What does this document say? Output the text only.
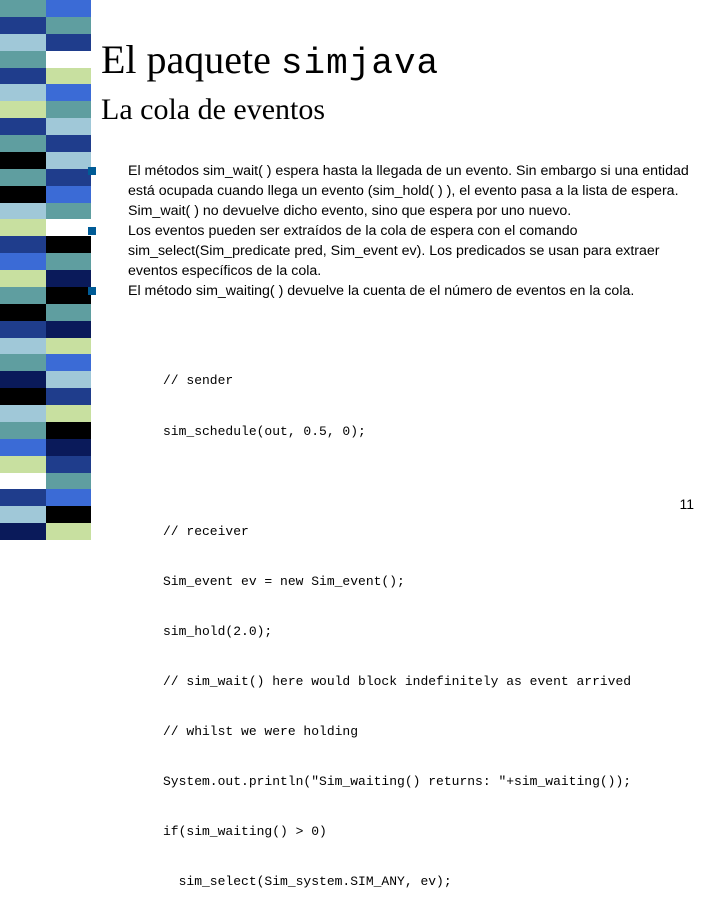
El paquete simjava
La cola de eventos
El métodos sim_wait( ) espera hasta la llegada de un evento. Sin embargo si una entidad está ocupada cuando llega un evento (sim_hold( ) ), el evento pasa a la lista de espera. Sim_wait( ) no devuelve dicho evento, sino que espera por uno nuevo.
Los eventos pueden ser extraídos de la cola de espera con el comando sim_select(Sim_predicate pred, Sim_event ev). Los predicados se usan para extraer eventos específicos de la cola.
El método sim_waiting( ) devuelve la cuenta de el número de eventos en la cola.

// sender

sim_schedule(out, 0.5, 0);

// receiver

Sim_event ev = new Sim_event();

sim_hold(2.0);

// sim_wait() here would block indefinitely as event arrived

// whilst we were holding

System.out.println("Sim_waiting() returns: "+sim_waiting());

if(sim_waiting() > 0)

sim_select(Sim_system.SIM_ANY, ev);

11
